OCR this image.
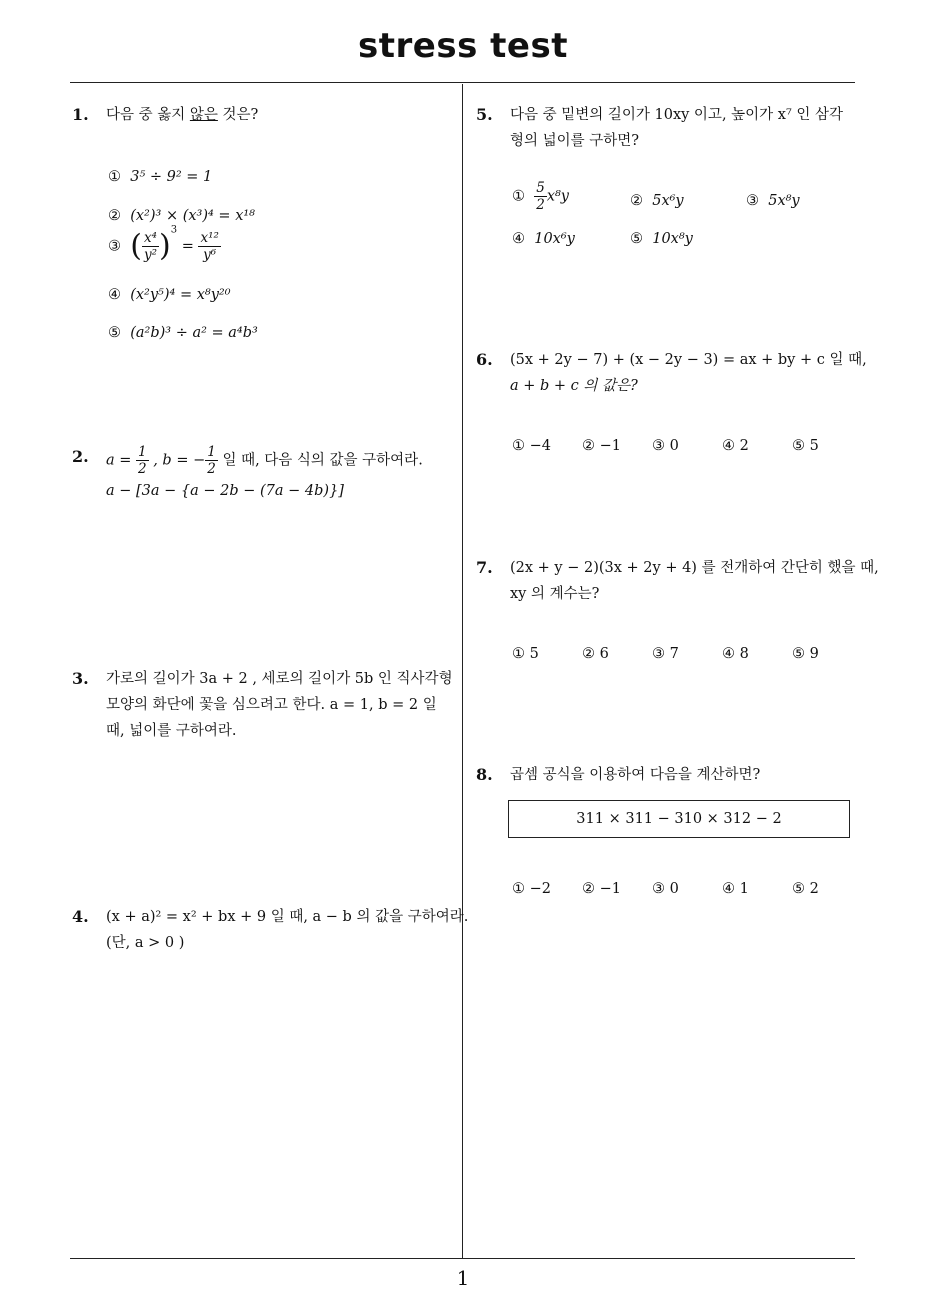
stress test
1
1. 다음 중 옳지 않은 것은?
① 3⁵ ÷ 9² = 1
② (x²)³ × (x³)⁴ = x¹⁸
③ ( $\frac{\text{x⁴}}{\text{y²}} )^3 = \frac{\text{x¹²}}{\text{y⁶}}$
④ (x²y⁵)⁴ = x⁸y²⁰
⑤ (a²b)³ ÷ a² = a⁴b³
2. $a = \frac{1}{2}$ , b = − $\frac{1}{2}$ 일 때, 다음 식의 값을 구하여라.
a − [3a − {a − 2b − (7a − 4b)}]
3. 가로의 길이가 3a + 2 , 세로의 길이가 5b 인 직사각형
모양의 화단에 꽃을 심으려고 한다. a = 1, b = 2 일
때, 넓이를 구하여라.
4. (x + a)² = x² + bx + 9 일 때, a − b 의 값을 구하여라.
(단, a > 0 )
5. 다음 중 밑변의 길이가 10xy 이고, 높이가 x⁷ 인 삼각
형의 넓이를 구하면?
① $\frac{5}{2} x^8y$	② 5x⁶y	③ 5x⁸y
④ 10x⁶y	⑤ 10x⁸y
6. (5x + 2y − 7) + (x − 2y − 3) = ax + by + c 일 때,
a + b + c 의 값은?
① −4 ② −1 ③ 0	④ 2	⑤ 5
7. (2x + y − 2)(3x + 2y + 4) 를 전개하여 간단히 했을 때,
xy 의 계수는?
① 5	② 6	③ 7	④ 8	⑤ 9
8. 곱셈 공식을 이용하여 다음을 계산하면?
311 × 311 − 310 × 312 − 2
① −2 ② −1 ③ 0	④ 1	⑤ 2
